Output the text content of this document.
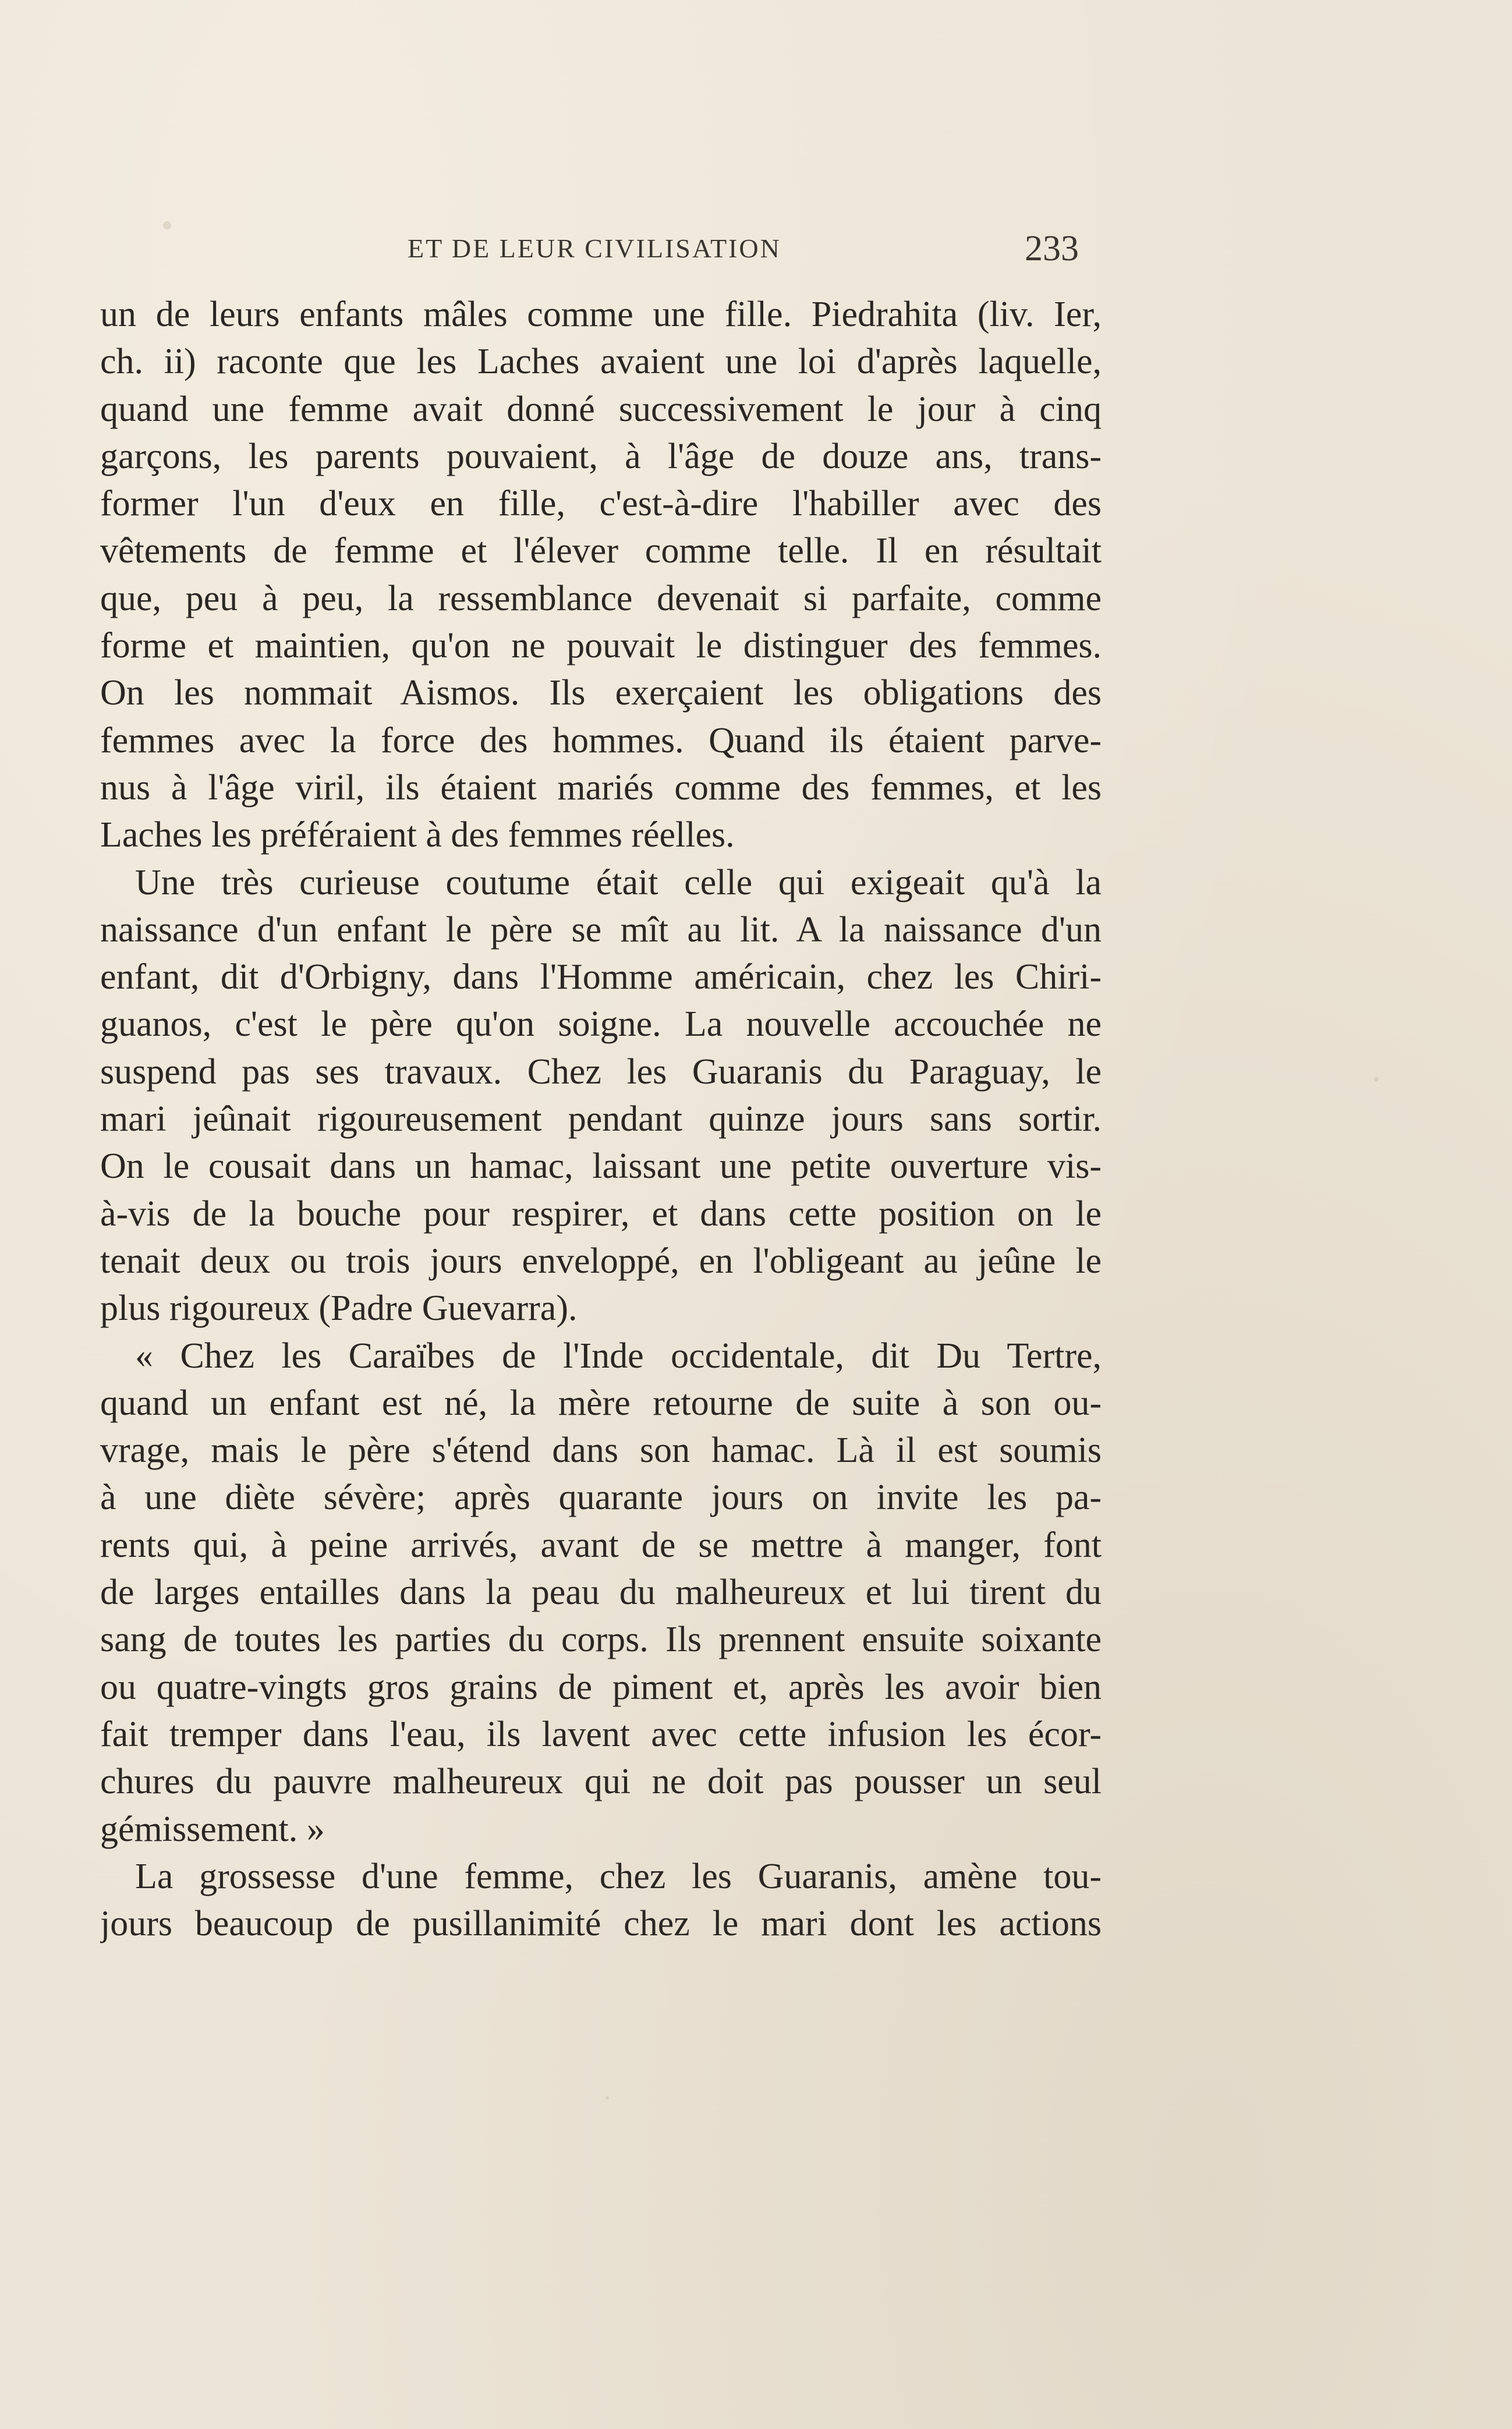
ET DE LEUR CIVILISATION	233
un de leurs enfants mâles comme une fille. Piedrahita (liv. Ier,
ch. ii) raconte que les Laches avaient une loi d'après laquelle,
quand une femme avait donné successivement le jour à cinq
garçons, les parents pouvaient, à l'âge de douze ans, trans-
former l'un d'eux en fille, c'est-à-dire l'habiller avec des
vêtements de femme et l'élever comme telle. Il en résultait
que, peu à peu, la ressemblance devenait si parfaite, comme
forme et maintien, qu'on ne pouvait le distinguer des femmes.
On les nommait Aismos. Ils exerçaient les obligations des
femmes avec la force des hommes. Quand ils étaient parve-
nus à l'âge viril, ils étaient mariés comme des femmes, et les
Laches les préféraient à des femmes réelles.
Une très curieuse coutume était celle qui exigeait qu'à la
naissance d'un enfant le père se mît au lit. A la naissance d'un
enfant, dit d'Orbigny, dans l'Homme américain, chez les Chiri-
guanos, c'est le père qu'on soigne. La nouvelle accouchée ne
suspend pas ses travaux. Chez les Guaranis du Paraguay, le
mari jeûnait rigoureusement pendant quinze jours sans sortir.
On le cousait dans un hamac, laissant une petite ouverture vis-
à-vis de la bouche pour respirer, et dans cette position on le
tenait deux ou trois jours enveloppé, en l'obligeant au jeûne le
plus rigoureux (Padre Guevarra).
« Chez les Caraïbes de l'Inde occidentale, dit Du Tertre,
quand un enfant est né, la mère retourne de suite à son ou-
vrage, mais le père s'étend dans son hamac. Là il est soumis
à une diète sévère; après quarante jours on invite les pa-
rents qui, à peine arrivés, avant de se mettre à manger, font
de larges entailles dans la peau du malheureux et lui tirent du
sang de toutes les parties du corps. Ils prennent ensuite soixante
ou quatre-vingts gros grains de piment et, après les avoir bien
fait tremper dans l'eau, ils lavent avec cette infusion les écor-
chures du pauvre malheureux qui ne doit pas pousser un seul
gémissement. »
La grossesse d'une femme, chez les Guaranis, amène tou-
jours beaucoup de pusillanimité chez le mari dont les actions
